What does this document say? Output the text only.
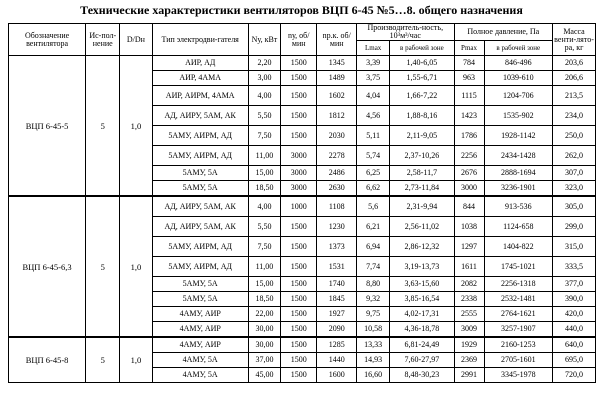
Технические характеристики вентиляторов ВЦП 6-45 №5…8. общего назначения
Обозначение вентилятора	Ис-пол-нение	D/Dн	Тип электродви-гателя	Nу, кВт	nу, об/мин	nр.к. об/мин	Производитель-ность, 10³м³/час		Полное давление, Па		Масса венти-лято-ра, кг
							Lmax	в рабочей зоне	Pmax	в рабочей зоне	
ВЦП 6-45-5	5	1,0	АИР, АД	2,20	1500	1345	3,39	1,40-6,05	784	846-496	203,6
			АИР, 4АМА	3,00	1500	1489	3,75	1,55-6,71	963	1039-610	206,6
			АИР, АИРМ, 4АМА	4,00	1500	1602	4,04	1,66-7,22	1115	1204-706	213,5
			АД, АИРУ, 5АМ, АК	5,50	1500	1812	4,56	1,88-8,16	1423	1535-902	234,0
			5АМУ, АИРМ, АД	7,50	1500	2030	5,11	2,11-9,05	1786	1928-1142	250,0
			5АМУ, АИРМ, АД	11,00	3000	2278	5,74	2,37-10,26	2256	2434-1428	262,0
			5АМУ, 5А	15,00	3000	2486	6,25	2,58-11,7	2676	2888-1694	307,0
			5АМУ, 5А	18,50	3000	2630	6,62	2,73-11,84	3000	3236-1901	323,0
ВЦП 6-45-6,3	5	1,0	АД, АИРУ, 5АМ, АК	4,00	1000	1108	5,6	2,31-9,94	844	913-536	305,0
			АД, АИРУ, 5АМ, АК	5,50	1500	1230	6,21	2,56-11,02	1038	1124-658	299,0
			5АМУ, АИРМ, АД	7,50	1500	1373	6,94	2,86-12,32	1297	1404-822	315,0
			5АМУ, АИРМ, АД	11,00	1500	1531	7,74	3,19-13,73	1611	1745-1021	333,5
			5АМУ, 5А	15,00	1500	1740	8,80	3,63-15,60	2082	2256-1318	377,0
			5АМУ, 5А	18,50	1500	1845	9,32	3,85-16,54	2338	2532-1481	390,0
			4АМУ, АИР	22,00	1500	1927	9,75	4,02-17,31	2555	2764-1621	420,0
			4АМУ, АИР	30,00	1500	2090	10,58	4,36-18,78	3009	3257-1907	440,0
ВЦП 6-45-8	5	1,0	4АМУ, АИР	30,00	1500	1285	13,33	6,81-24,49	1929	2160-1253	640,0
			4АМУ, 5А	37,00	1500	1440	14,93	7,60-27,97	2369	2705-1601	695,0
			4АМУ, 5А	45,00	1500	1600	16,60	8,48-30,23	2991	3345-1978	720,0
